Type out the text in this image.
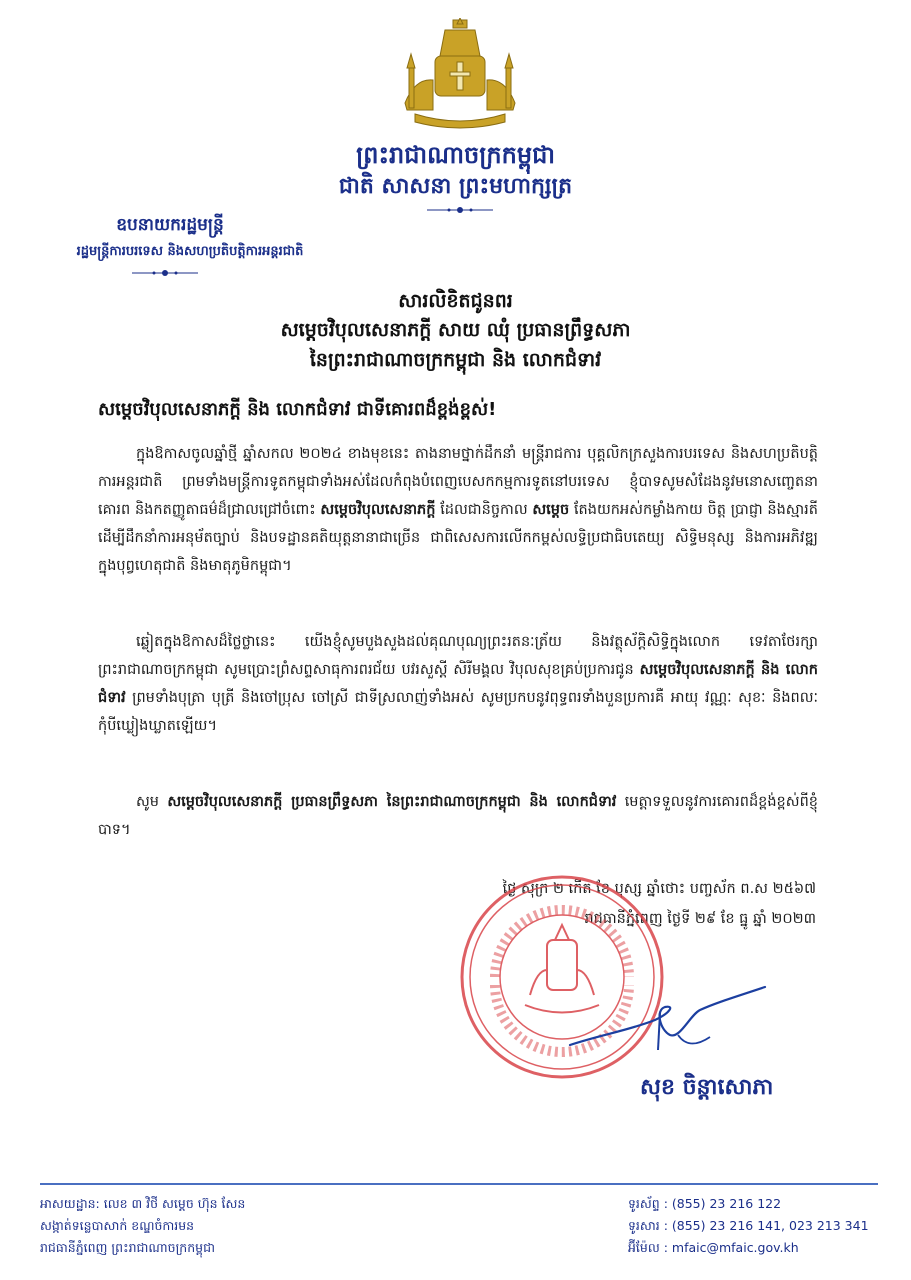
ព្រះរាជាណាចក្រកម្ពុជា
ជាតិ សាសនា ព្រះមហាក្សត្រ
ឧបនាយករដ្ឋមន្ត្រី
រដ្ឋមន្ត្រីការបរទេស និងសហប្រតិបត្តិការអន្តរជាតិ
សារលិខិតជូនពរ
សម្តេចវិបុលសេនាភក្តី សាយ ឈុំ ប្រធានព្រឹទ្ធសភា
នៃព្រះរាជាណាចក្រកម្ពុជា និង លោកជំទាវ
សម្តេចវិបុលសេនាភក្តី និង លោកជំទាវ ជាទីគោរពដ៏ខ្ពង់ខ្ពស់!
ក្នុងឱកាសចូលឆ្នាំថ្មី ឆ្នាំសកល ២០២៤ ខាងមុខនេះ តាងនាមថ្នាក់ដឹកនាំ មន្ត្រីរាជការ បុគ្គលិកក្រសួងការបរទេស និងសហប្រតិបត្តិការអន្តរជាតិ ព្រមទាំងមន្ត្រីការទូតកម្ពុជាទាំងអស់ដែលកំពុងបំពេញបេសកកម្មការទូតនៅបរទេស ខ្ញុំបាទសូមសំដែងនូវមនោសញ្ចេតនាគោរព និងកតញ្ញូតាធម៌ដ៏ជ្រាលជ្រៅចំពោះ សម្តេចវិបុលសេនាភក្តី ដែលជានិច្ចកាល សម្តេច តែងយកអស់កម្លាំងកាយ ចិត្ត ប្រាជ្ញា និងស្មារតី ដើម្បីដឹកនាំការអនុម័តច្បាប់ និងបទដ្ឋានគតិយុត្តនានាជាច្រើន ជាពិសេសការលើកកម្ពស់លទ្ធិប្រជាធិបតេយ្យ សិទ្ធិមនុស្ស និងការអភិវឌ្ឍ ក្នុងបុព្វហេតុជាតិ និងមាតុភូមិកម្ពុជា។
ឆ្លៀតក្នុងឱកាសដ៏ថ្លៃថ្លានេះ យើងខ្ញុំសូមបួងសួងដល់គុណបុណ្យព្រះរតនៈត្រ័យ និងវត្ថុស័ក្តិសិទ្ធិក្នុងលោក ទេវតាថែរក្សាព្រះរាជាណាចក្រកម្ពុជា សូមប្រោះព្រំសព្ទសាធុការពរជ័យ បវរសួស្តី សិរីមង្គល វិបុលសុខគ្រប់ប្រការជូន សម្តេចវិបុលសេនាភក្តី និង លោកជំទាវ ព្រមទាំងបុត្រា បុត្រី និងចៅប្រុស ចៅស្រី ជាទីស្រលាញ់ទាំងអស់ សូមប្រកបនូវពុទ្ធពរទាំងបួនប្រការគឺ អាយុ វណ្ណៈ សុខៈ និងពលៈ កុំបីឃ្លៀងឃ្លាតឡើយ។
សូម សម្តេចវិបុលសេនាភក្តី ប្រធានព្រឹទ្ធសភា នៃព្រះរាជាណាចក្រកម្ពុជា និង លោកជំទាវ មេត្តាទទួលនូវការគោរពដ៏ខ្ពង់ខ្ពស់ពីខ្ញុំបាទ។
ថ្ងៃ សុក្រ ២ កើត ខែ បុស្ស ឆ្នាំថោះ បញ្ចស័ក ព.ស ២៥៦៧
រាជធានីភ្នំពេញ ថ្ងៃទី ២៩ ខែ ធ្នូ ឆ្នាំ ២០២៣
សុខ ចិន្តាសោភា
អាសយដ្ឋាន: លេខ ៣ វិថី សម្តេច ហ៊ុន សែន
សង្កាត់ទន្លេបាសាក់ ខណ្ឌចំការមន
រាជធានីភ្នំពេញ ព្រះរាជាណាចក្រកម្ពុជា
ទូរស័ព្ទ : (855) 23 216 122
ទូរសារ : (855) 23 216 141, 023 213 341
អ៊ីម៉ែល : mfaic@mfaic.gov.kh
